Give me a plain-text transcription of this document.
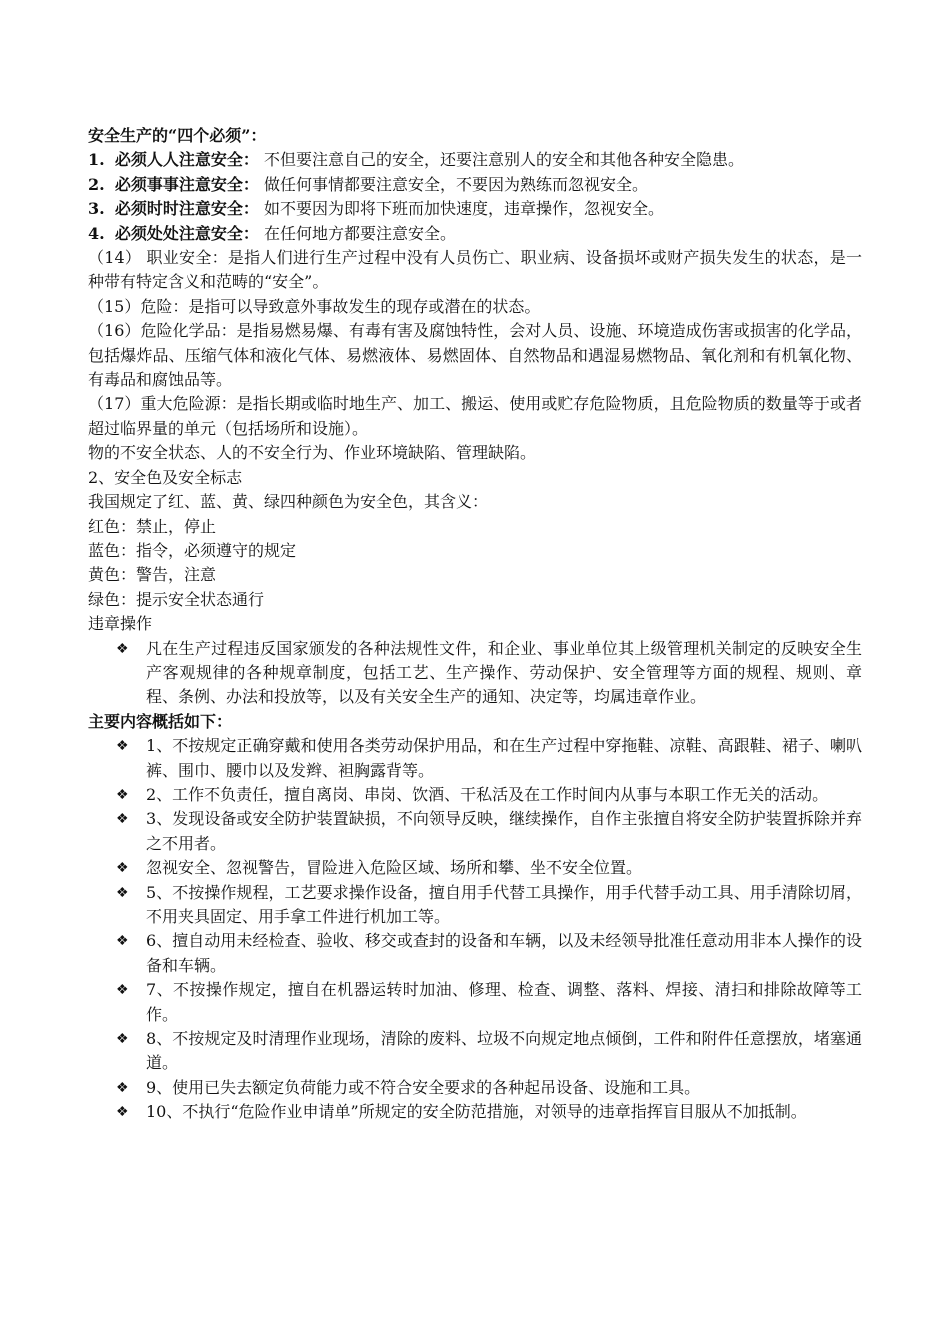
安全生产的“四个必须”：
1. 必须人人注意安全： 不但要注意自己的安全，还要注意别人的安全和其他各种安全隐患。
2. 必须事事注意安全： 做任何事情都要注意安全，不要因为熟练而忽视安全。
3. 必须时时注意安全： 如不要因为即将下班而加快速度，违章操作，忽视安全。
4. 必须处处注意安全： 在任何地方都要注意安全。
（14） 职业安全：是指人们进行生产过程中没有人员伤亡、职业病、设备损坏或财产损失发生的状态，是一种带有特定含义和范畴的“安全”。
（15）危险：是指可以导致意外事故发生的现存或潜在的状态。
（16）危险化学品：是指易燃易爆、有毒有害及腐蚀特性，会对人员、设施、环境造成伤害或损害的化学品，包括爆炸品、压缩气体和液化气体、易燃液体、易燃固体、自然物品和遇湿易燃物品、氧化剂和有机氧化物、有毒品和腐蚀品等。
（17）重大危险源：是指长期或临时地生产、加工、搬运、使用或贮存危险物质，且危险物质的数量等于或者超过临界量的单元（包括场所和设施）。
物的不安全状态、人的不安全行为、作业环境缺陷、管理缺陷。
2、安全色及安全标志
我国规定了红、蓝、黄、绿四种颜色为安全色，其含义：
红色：禁止，停止
蓝色：指令，必须遵守的规定
黄色：警告，注意
绿色：提示安全状态通行
违章操作
❖ 凡在生产过程违反国家颁发的各种法规性文件，和企业、事业单位其上级管理机关制定的反映安全生产客观规律的各种规章制度，包括工艺、生产操作、劳动保护、安全管理等方面的规程、规则、章程、条例、办法和投放等，以及有关安全生产的通知、决定等，均属违章作业。
主要内容概括如下：
❖ 1、不按规定正确穿戴和使用各类劳动保护用品，和在生产过程中穿拖鞋、凉鞋、高跟鞋、裙子、喇叭裤、围巾、腰巾以及发辫、袒胸露背等。
❖ 2、工作不负责任，擅自离岗、串岗、饮酒、干私活及在工作时间内从事与本职工作无关的活动。
❖ 3、发现设备或安全防护装置缺损，不向领导反映，继续操作，自作主张擅自将安全防护装置拆除并弃之不用者。
❖ 忽视安全、忽视警告，冒险进入危险区域、场所和攀、坐不安全位置。
❖ 5、不按操作规程，工艺要求操作设备，擅自用手代替工具操作，用手代替手动工具、用手清除切屑，不用夹具固定、用手拿工件进行机加工等。
❖ 6、擅自动用未经检查、验收、移交或查封的设备和车辆，以及未经领导批准任意动用非本人操作的设备和车辆。
❖ 7、不按操作规定，擅自在机器运转时加油、修理、检查、调整、落料、焊接、清扫和排除故障等工作。
❖ 8、不按规定及时清理作业现场，清除的废料、垃圾不向规定地点倾倒，工件和附件任意摆放，堵塞通道。
❖ 9、使用已失去额定负荷能力或不符合安全要求的各种起吊设备、设施和工具。
❖ 10、不执行“危险作业申请单”所规定的安全防范措施，对领导的违章指挥盲目服从不加抵制。
